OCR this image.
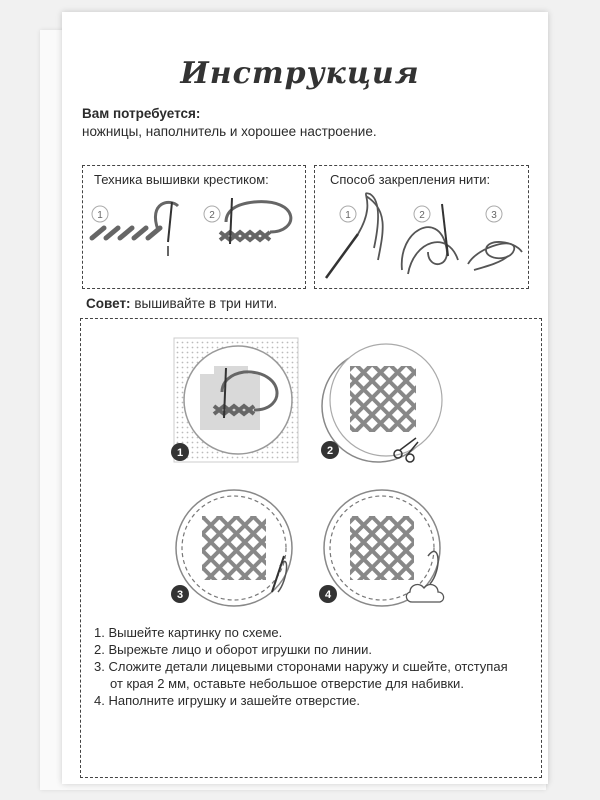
Инструкция
Вам потребуется:
ножницы, наполнитель и хорошее настроение.
Техника вышивки крестиком:
1	2
Способ закрепления нити:
1	2	3
Совет: вышивайте в три нити.
1	2
3	4
1. Вышейте картинку по схеме.
2. Вырежьте лицо и оборот игрушки по линии.
3. Сложите детали лицевыми сторонами наружу и сшейте, отступая
от края 2 мм, оставьте небольшое отверстие для набивки.
4. Наполните игрушку и зашейте отверстие.
